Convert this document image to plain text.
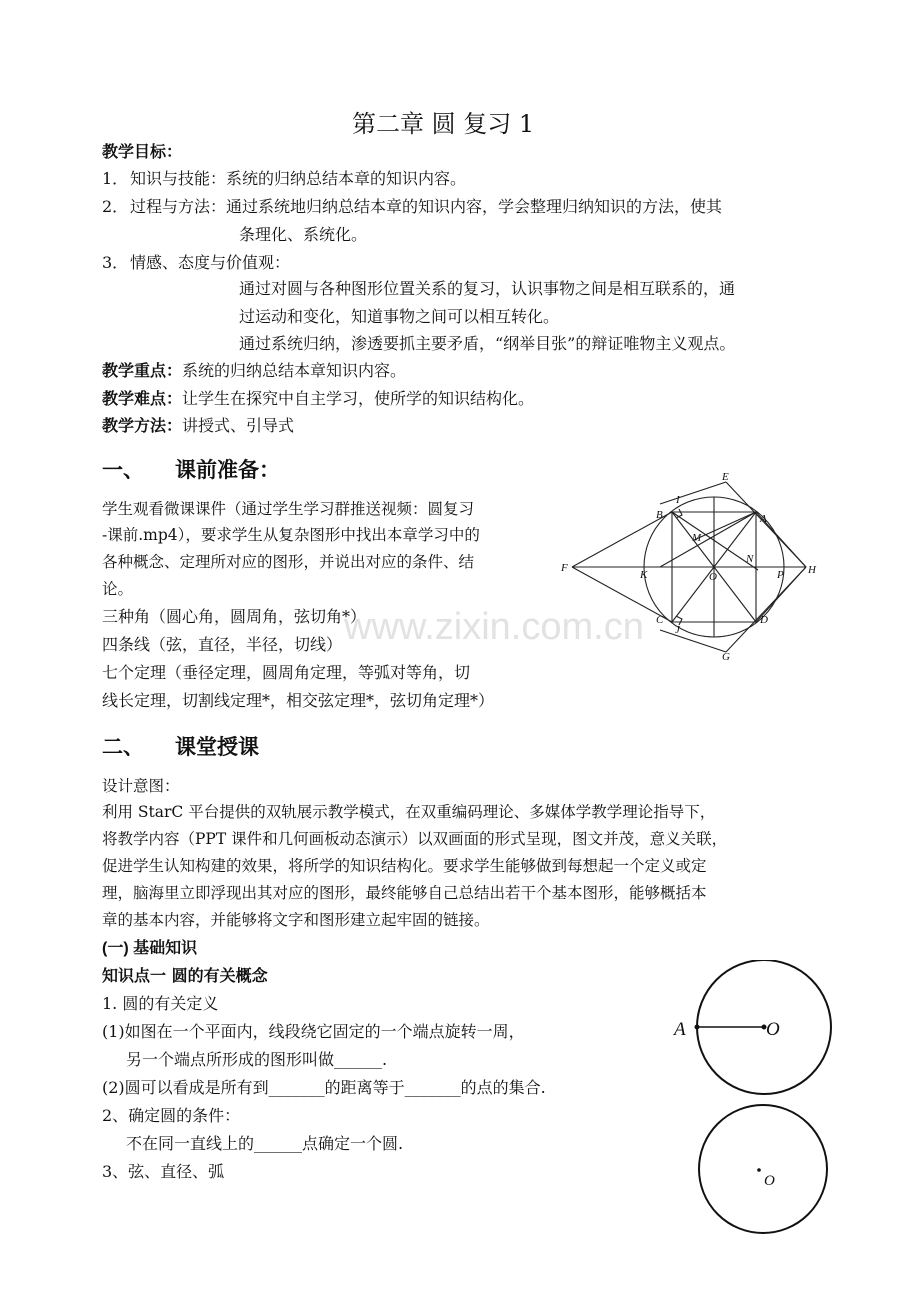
第二章 圆 复习 1
教学目标：
1． 知识与技能：系统的归纳总结本章的知识内容。
2． 过程与方法：通过系统地归纳总结本章的知识内容，学会整理归纳知识的方法，使其
条理化、系统化。
3． 情感、态度与价值观：
通过对圆与各种图形位置关系的复习，认识事物之间是相互联系的，通
过运动和变化，知道事物之间可以相互转化。
通过系统归纳，渗透要抓主要矛盾，“纲举目张”的辩证唯物主义观点。
教学重点：系统的归纳总结本章知识内容。
教学难点：让学生在探究中自主学习，使所学的知识结构化。
教学方法：讲授式、引导式
一、 课前准备：
学生观看微课课件（通过学生学习群推送视频：圆复习
-课前.mp4），要求学生从复杂图形中找出本章学习中的
各种概念、定理所对应的图形，并说出对应的条件、结
论。
三种角（圆心角，圆周角，弦切角*）
四条线（弦，直径，半径，切线）
七个定理（垂径定理，圆周角定理，等弧对等角，切
线长定理，切割线定理*，相交弦定理*，弦切角定理*）
www.zixin.com.cn
E
I
B	A
M
N
F
K	O	P H
C
J
D
G
二、 课堂授课
设计意图：
利用 StarC 平台提供的双轨展示教学模式，在双重编码理论、多媒体学教学理论指导下，
将教学内容（PPT 课件和几何画板动态演示）以双画面的形式呈现，图文并茂，意义关联，
促进学生认知构建的效果，将所学的知识结构化。要求学生能够做到每想起一个定义或定
理，脑海里立即浮现出其对应的图形，最终能够自己总结出若干个基本图形，能够概括本
章的基本内容，并能够将文字和图形建立起牢固的链接。
(一) 基础知识
知识点一 圆的有关概念
1. 圆的有关定义
(1)如图在一个平面内，线段绕它固定的一个端点旋转一周，
另一个端点所形成的图形叫做______.
(2)圆可以看成是所有到_______的距离等于_______的点的集合.
2、确定圆的条件：
不在同一直线上的______点确定一个圆.
3、弦、直径、弧
A	O
O
